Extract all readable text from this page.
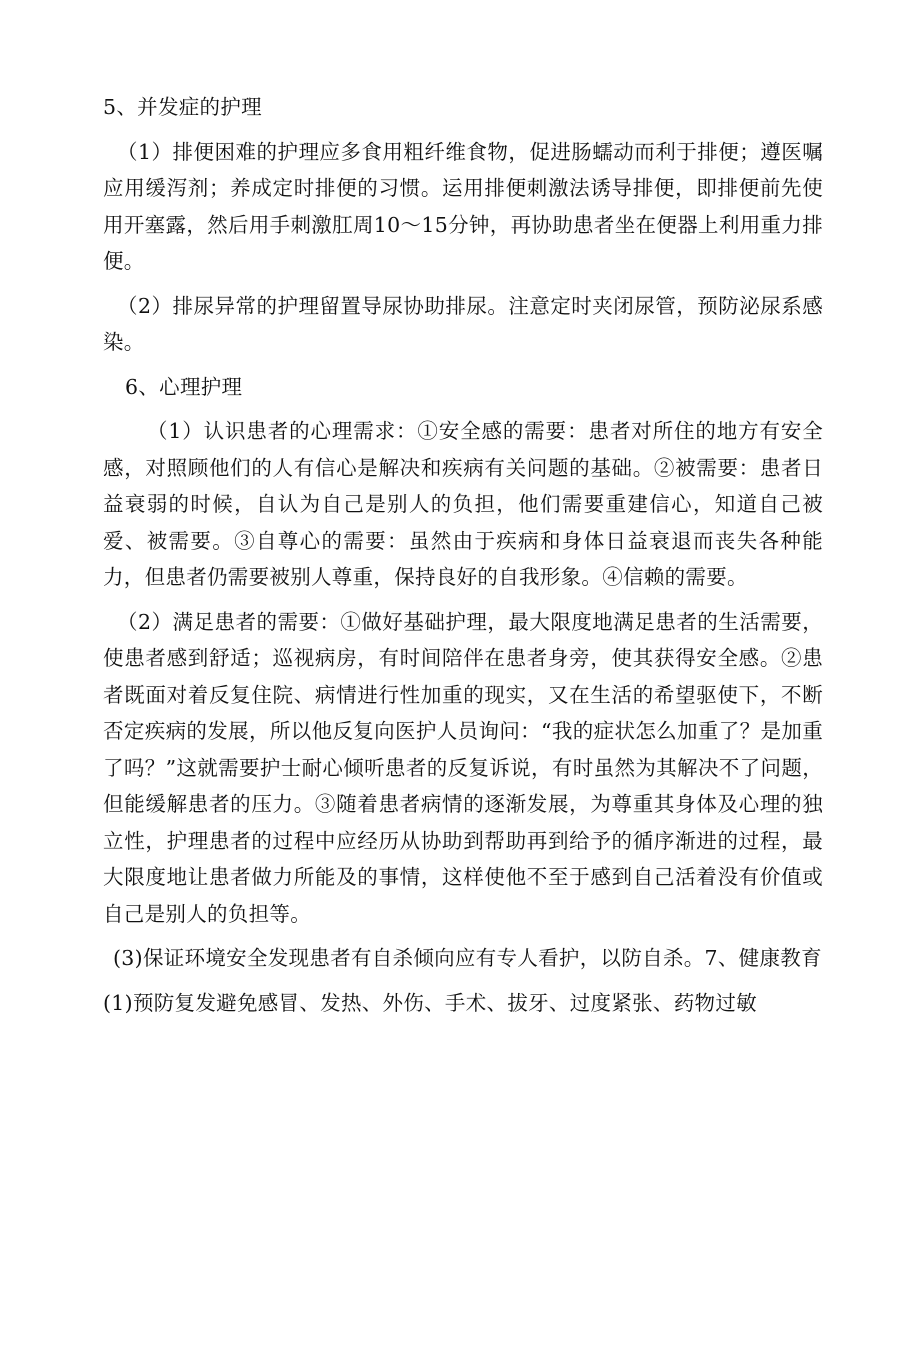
5、并发症的护理

（1）排便困难的护理应多食用粗纤维食物，促进肠蠕动而利于排便；遵医嘱应用缓泻剂；养成定时排便的习惯。运用排便刺激法诱导排便，即排便前先使用开塞露，然后用手刺激肛周10～15分钟，再协助患者坐在便器上利用重力排便。

（2）排尿异常的护理留置导尿协助排尿。注意定时夹闭尿管，预防泌尿系感染。

6、心理护理

（1）认识患者的心理需求：①安全感的需要：患者对所住的地方有安全感，对照顾他们的人有信心是解决和疾病有关问题的基础。②被需要：患者日益衰弱的时候，自认为自己是别人的负担，他们需要重建信心，知道自己被爱、被需要。③自尊心的需要：虽然由于疾病和身体日益衰退而丧失各种能力，但患者仍需要被别人尊重，保持良好的自我形象。④信赖的需要。

（2）满足患者的需要：①做好基础护理，最大限度地满足患者的生活需要，使患者感到舒适；巡视病房，有时间陪伴在患者身旁，使其获得安全感。②患者既面对着反复住院、病情进行性加重的现实，又在生活的希望驱使下，不断否定疾病的发展，所以他反复向医护人员询问：“我的症状怎么加重了？是加重了吗？”这就需要护士耐心倾听患者的反复诉说，有时虽然为其解决不了问题，但能缓解患者的压力。③随着患者病情的逐渐发展，为尊重其身体及心理的独立性，护理患者的过程中应经历从协助到帮助再到给予的循序渐进的过程，最大限度地让患者做力所能及的事情，这样使他不至于感到自己活着没有价值或自己是别人的负担等。

(3)保证环境安全发现患者有自杀倾向应有专人看护，以防自杀。7、健康教育

(1)预防复发避免感冒、发热、外伤、手术、拔牙、过度紧张、药物过敏
